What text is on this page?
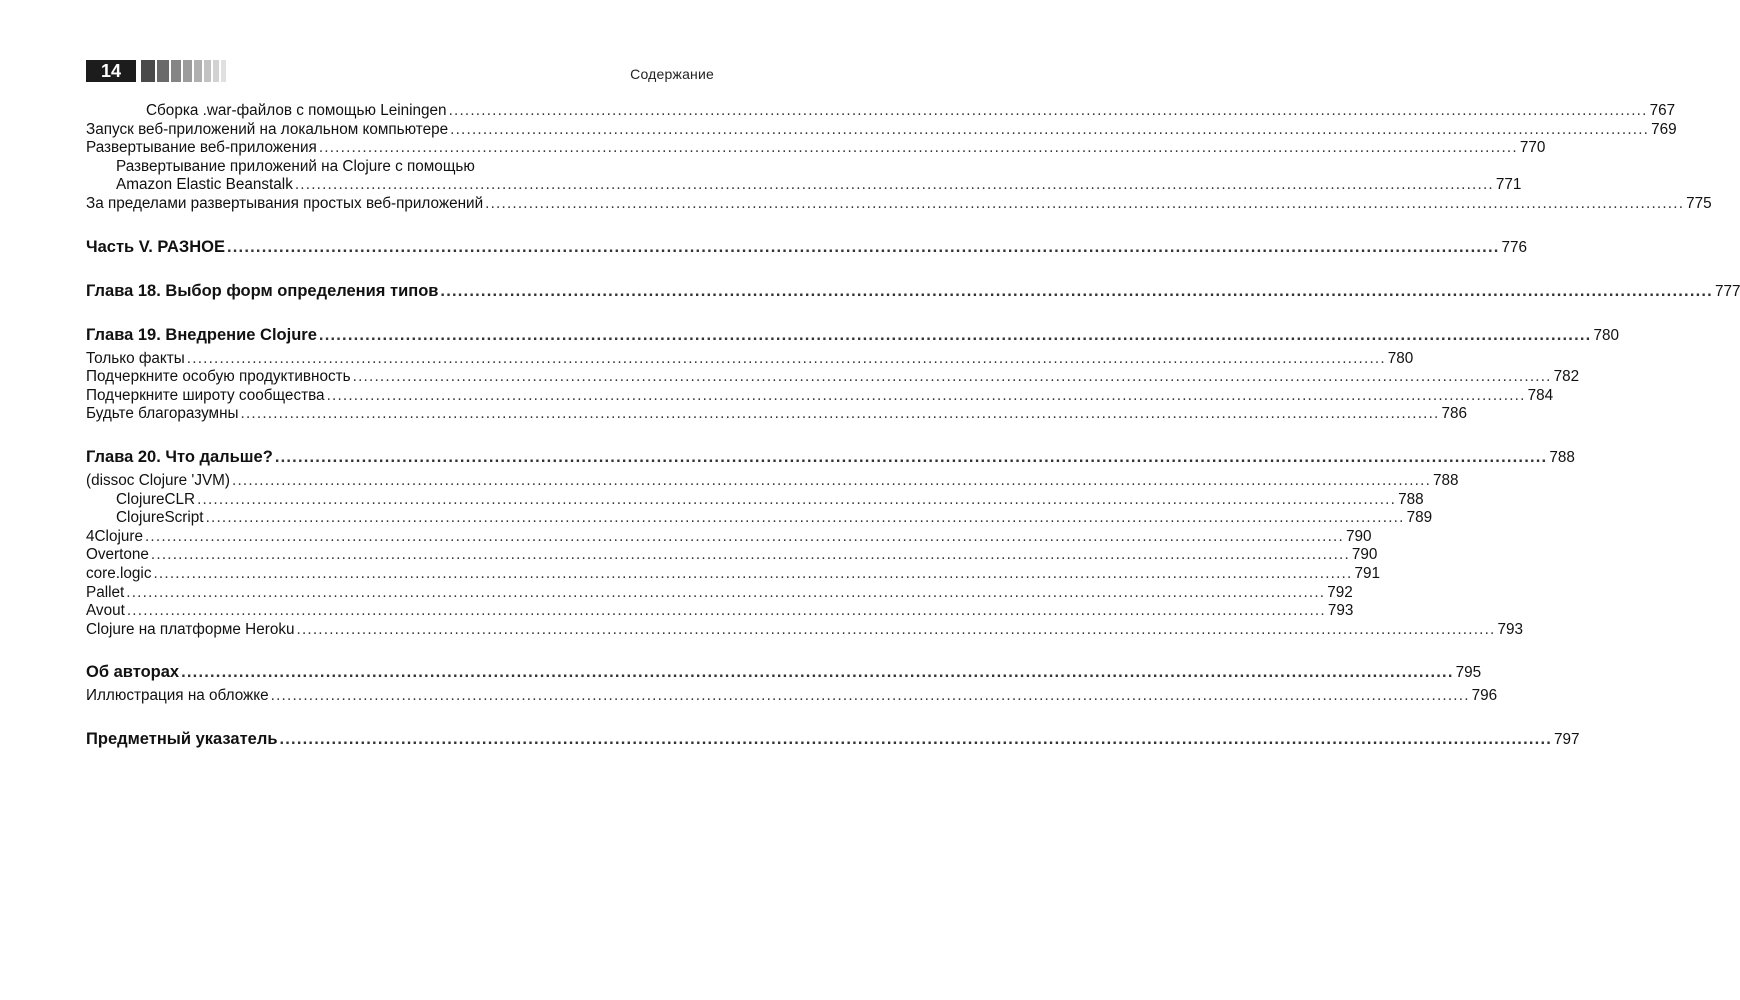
14	Содержание
Сборка .war-файлов с помощью Leiningen .....	767
Запуск веб-приложений на локальном компьютере .....	769
Развертывание веб-приложения .....	770
Развертывание приложений на Clojure с помощью
Amazon Elastic Beanstalk .....	771
За пределами развертывания простых веб-приложений .....	775
Часть V. РАЗНОЕ .....	776
Глава 18. Выбор форм определения типов .....	777
Глава 19. Внедрение Clojure .....	780
Только факты .....	780
Подчеркните особую продуктивность .....	782
Подчеркните широту сообщества .....	784
Будьте благоразумны .....	786
Глава 20. Что дальше? .....	788
(dissoc Clojure 'JVM) .....	788
ClojureCLR .....	788
ClojureScript .....	789
4Clojure .....	790
Overtone .....	790
core.logic .....	791
Pallet .....	792
Avout .....	793
Clojure на платформе Heroku .....	793
Об авторах .....	795
Иллюстрация на обложке .....	796
Предметный указатель .....	797
